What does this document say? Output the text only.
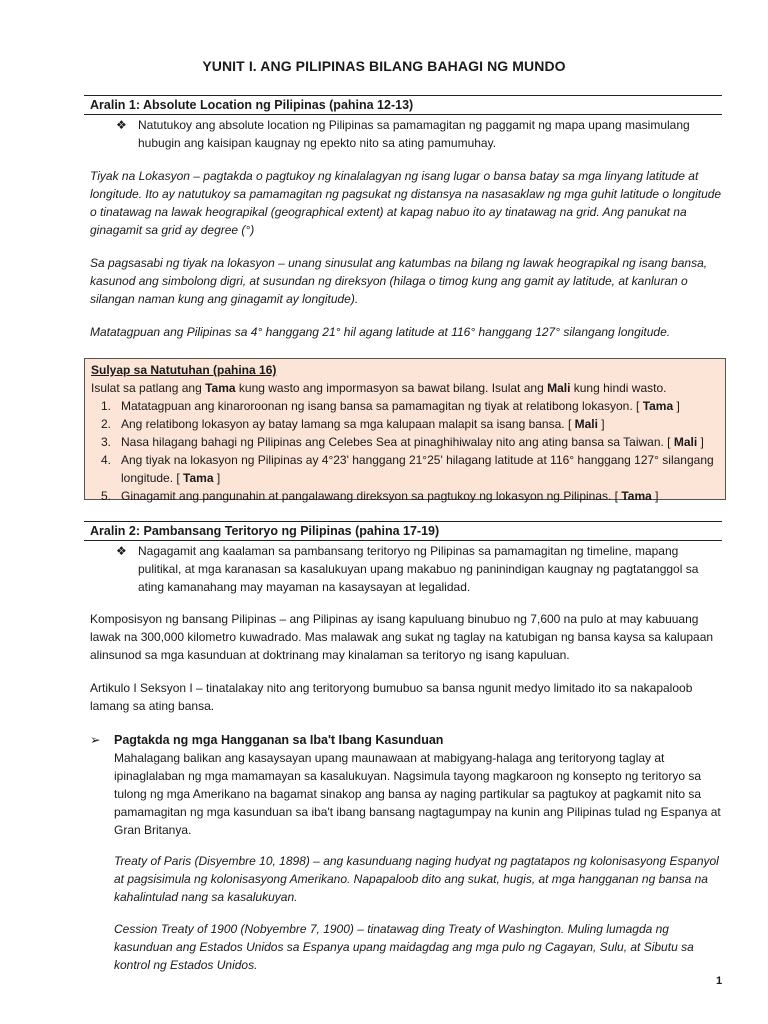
YUNIT I. ANG PILIPINAS BILANG BAHAGI NG MUNDO
Aralin 1: Absolute Location ng Pilipinas (pahina 12-13)
❖ Natutukoy ang absolute location ng Pilipinas sa pamamagitan ng paggamit ng mapa upang masimulang
hubugin ang kaisipan kaugnay ng epekto nito sa ating pamumuhay.

Tiyak na Lokasyon – pagtakda o pagtukoy ng kinalalagyan ng isang lugar o bansa batay sa mga linyang latitude at longitude. Ito ay natutukoy sa pamamagitan ng pagsukat ng distansya na nasasaklaw ng mga guhit latitude o longitude o tinatawag na lawak heograpikal (geographical extent) at kapag nabuo ito ay tinatawag na grid. Ang panukat na ginagamit sa grid ay degree (°)

Sa pagsasabi ng tiyak na lokasyon – unang sinusulat ang katumbas na bilang ng lawak heograpikal ng isang bansa, kasunod ang simbolong digri, at susundan ng direksyon (hilaga o timog kung ang gamit ay latitude, at kanluran o silangan naman kung ang ginagamit ay longitude).

Matatagpuan ang Pilipinas sa 4° hanggang 21° hil agang latitude at 116° hanggang 127° silangang longitude.

Sulyap sa Natutuhan (pahina 16)
Isulat sa patlang ang Tama kung wasto ang impormasyon sa bawat bilang. Isulat ang Mali kung hindi wasto.
1. Matatagpuan ang kinaroroonan ng isang bansa sa pamamagitan ng tiyak at relatibong lokasyon. [ Tama ]
2. Ang relatibong lokasyon ay batay lamang sa mga kalupaan malapit sa isang bansa. [ Mali ]
3. Nasa hilagang bahagi ng Pilipinas ang Celebes Sea at pinaghihiwalay nito ang ating bansa sa Taiwan. [ Mali ]
4. Ang tiyak na lokasyon ng Pilipinas ay 4°23' hanggang 21°25' hilagang latitude at 116° hanggang 127° silangang longitude. [ Tama ]
5. Ginagamit ang pangunahin at pangalawang direksyon sa pagtukoy ng lokasyon ng Pilipinas. [ Tama ]
Aralin 2: Pambansang Teritoryo ng Pilipinas (pahina 17-19)
❖ Nagagamit ang kaalaman sa pambansang teritoryo ng Pilipinas sa pamamagitan ng timeline, mapang
pulitikal, at mga karanasan sa kasalukuyan upang makabuo ng paninindigan kaugnay ng pagtatanggol sa
ating kamanahang may mayaman na kasaysayan at legalidad.

Komposisyon ng bansang Pilipinas – ang Pilipinas ay isang kapuluang binubuo ng 7,600 na pulo at may kabuuang lawak na 300,000 kilometro kuwadrado. Mas malawak ang sukat ng taglay na katubigan ng bansa kaysa sa kalupaan alinsunod sa mga kasunduan at doktrinang may kinalaman sa teritoryo ng isang kapuluan.

Artikulo I Seksyon I – tinatalakay nito ang teritoryong bumubuo sa bansa ngunit medyo limitado ito sa nakapaloob lamang sa ating bansa.

➢ Pagtakda ng mga Hangganan sa Iba't Ibang Kasunduan

Mahalagang balikan ang kasaysayan upang maunawaan at mabigyang-halaga ang teritoryong taglay at ipinaglalaban ng mga mamamayan sa kasalukuyan. Nagsimula tayong magkaroon ng konsepto ng teritoryo sa tulong ng mga Amerikano na bagamat sinakop ang bansa ay naging partikular sa pagtukoy at pagkamit nito sa pamamagitan ng mga kasunduan sa iba't ibang bansang nagtagumpay na kunin ang Pilipinas tulad ng Espanya at Gran Britanya.

Treaty of Paris (Disyembre 10, 1898) – ang kasunduang naging hudyat ng pagtatapos ng kolonisasyong Espanyol at pagsisimula ng kolonisasyong Amerikano. Napapaloob dito ang sukat, hugis, at mga hangganan ng bansa na kahalintulad nang sa kasalukuyan.

Cession Treaty of 1900 (Nobyembre 7, 1900) – tinatawag ding Treaty of Washington. Muling lumagda ng kasunduan ang Estados Unidos sa Espanya upang maidagdag ang mga pulo ng Cagayan, Sulu, at Sibutu sa kontrol ng Estados Unidos.

1
